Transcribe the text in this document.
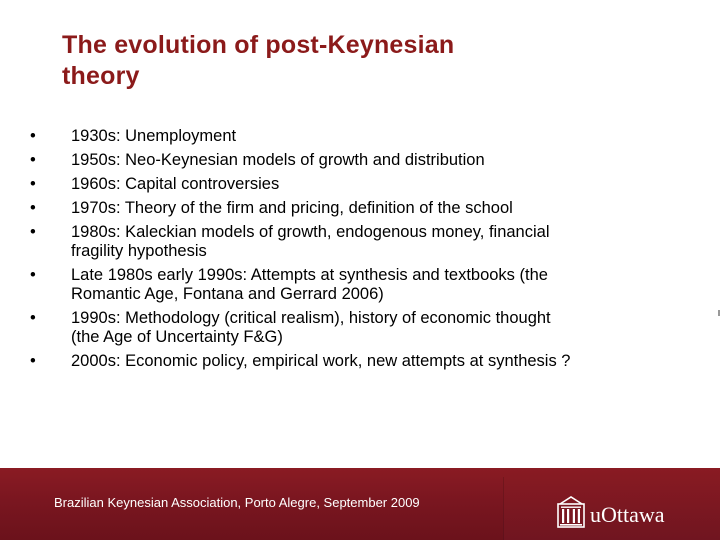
The evolution of post-Keynesian
theory
•	1930s: Unemployment
•	1950s: Neo-Keynesian models of growth and distribution
•	1960s: Capital controversies
•	1970s: Theory of the firm and pricing, definition of the school
•	1980s: Kaleckian models of growth, endogenous money, financial
fragility hypothesis
•	Late 1980s early 1990s: Attempts at synthesis and textbooks (the
Romantic Age, Fontana and Gerrard 2006)
•	1990s: Methodology (critical realism), history of economic thought
(the Age of Uncertainty F&G)
•	2000s: Economic policy, empirical work, new attempts at synthesis ?
Brazilian Keynesian Association, Porto Alegre, September 2009	uOttawa
